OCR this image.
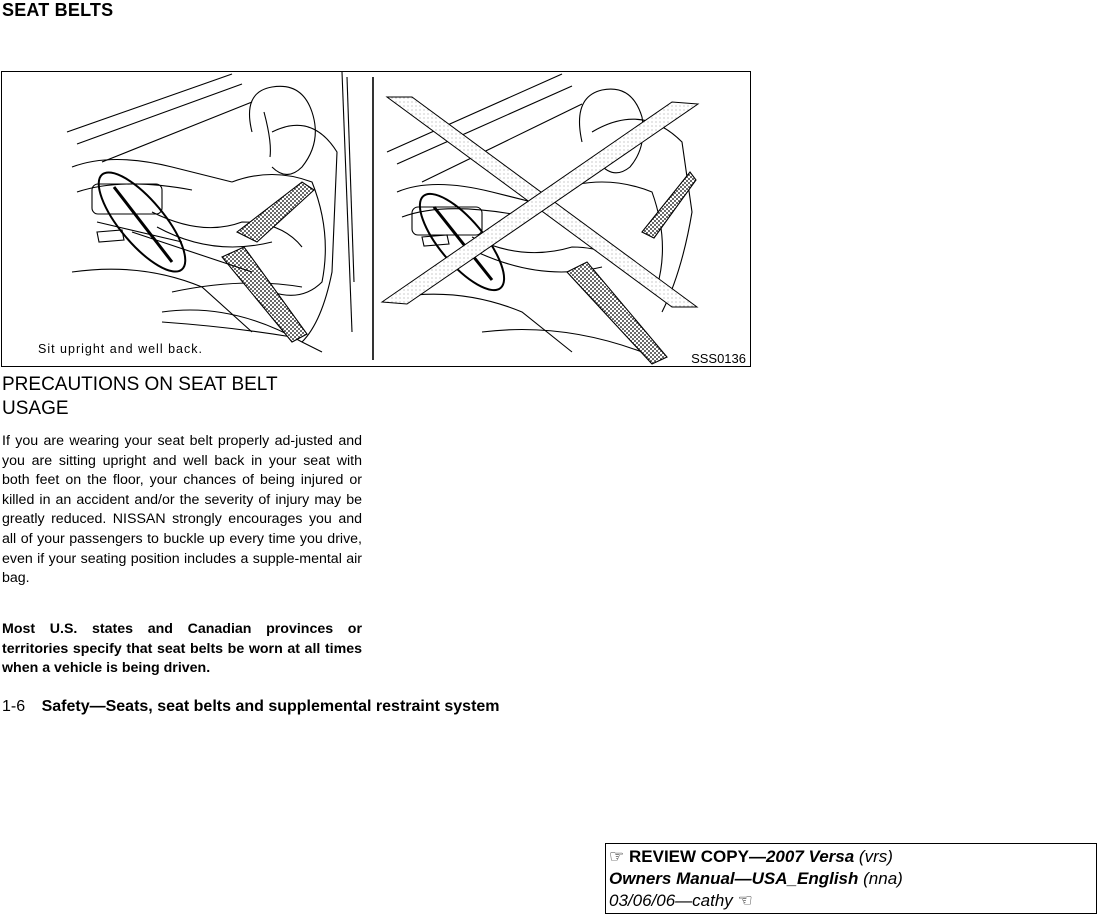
SEAT BELTS
Sit upright and well back.
SSS0136
PRECAUTIONS ON SEAT BELT USAGE

If you are wearing your seat belt properly ad-justed and you are sitting upright and well back in your seat with both feet on the floor, your chances of being injured or killed in an accident and/or the severity of injury may be greatly reduced. NISSAN strongly encourages you and all of your passengers to buckle up every time you drive, even if your seating position includes a supple-mental air bag.

Most U.S. states and Canadian provinces or territories specify that seat belts be worn at all times when a vehicle is being driven.

1-6 Safety—Seats, seat belts and supplemental restraint system
☞ REVIEW COPY—2007 Versa (vrs)
Owners Manual—USA_English (nna)
03/06/06—cathy ☜
